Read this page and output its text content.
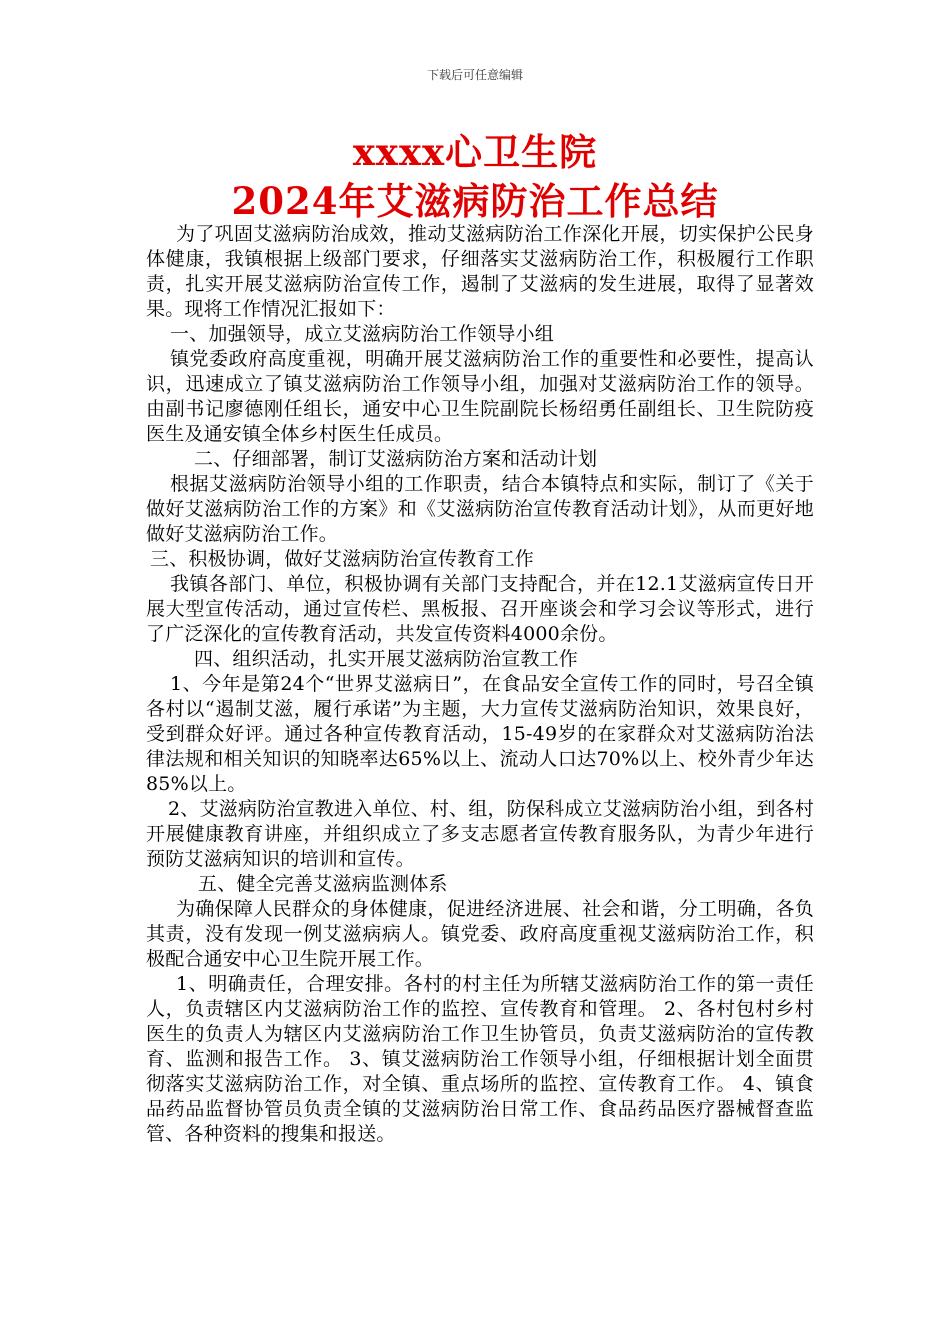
下载后可任意编辑
xxxx心卫生院
2024年艾滋病防治工作总结

为了巩固艾滋病防治成效，推动艾滋病防治工作深化开展，切实保护公民身体健康，我镇根据上级部门要求，仔细落实艾滋病防治工作，积极履行工作职责，扎实开展艾滋病防治宣传工作，遏制了艾滋病的发生进展，取得了显著效果。现将工作情况汇报如下：

一、加强领导，成立艾滋病防治工作领导小组

镇党委政府高度重视，明确开展艾滋病防治工作的重要性和必要性，提高认识，迅速成立了镇艾滋病防治工作领导小组，加强对艾滋病防治工作的领导。由副书记廖德刚任组长，通安中心卫生院副院长杨绍勇任副组长、卫生院防疫医生及通安镇全体乡村医生任成员。

二、仔细部署，制订艾滋病防治方案和活动计划

根据艾滋病防治领导小组的工作职责，结合本镇特点和实际，制订了《关于做好艾滋病防治工作的方案》和《艾滋病防治宣传教育活动计划》，从而更好地做好艾滋病防治工作。

三、积极协调，做好艾滋病防治宣传教育工作

我镇各部门、单位，积极协调有关部门支持配合，并在12.1艾滋病宣传日开展大型宣传活动，通过宣传栏、黑板报、召开座谈会和学习会议等形式，进行了广泛深化的宣传教育活动，共发宣传资料4000余份。

四、组织活动，扎实开展艾滋病防治宣教工作

1、今年是第24个“世界艾滋病日”，在食品安全宣传工作的同时，号召全镇各村以“遏制艾滋，履行承诺”为主题，大力宣传艾滋病防治知识，效果良好，受到群众好评。通过各种宣传教育活动，15-49岁的在家群众对艾滋病防治法律法规和相关知识的知晓率达65%以上、流动人口达70%以上、校外青少年达85%以上。

2、艾滋病防治宣教进入单位、村、组，防保科成立艾滋病防治小组，到各村开展健康教育讲座，并组织成立了多支志愿者宣传教育服务队，为青少年进行预防艾滋病知识的培训和宣传。

五、健全完善艾滋病监测体系

为确保障人民群众的身体健康，促进经济进展、社会和谐，分工明确，各负其责，没有发现一例艾滋病病人。镇党委、政府高度重视艾滋病防治工作，积极配合通安中心卫生院开展工作。

1、明确责任，合理安排。各村的村主任为所辖艾滋病防治工作的第一责任人，负责辖区内艾滋病防治工作的监控、宣传教育和管理。 2、各村包村乡村医生的负责人为辖区内艾滋病防治工作卫生协管员，负责艾滋病防治的宣传教育、监测和报告工作。 3、镇艾滋病防治工作领导小组，仔细根据计划全面贯彻落实艾滋病防治工作，对全镇、重点场所的监控、宣传教育工作。 4、镇食品药品监督协管员负责全镇的艾滋病防治日常工作、食品药品医疗器械督查监管、各种资料的搜集和报送。
